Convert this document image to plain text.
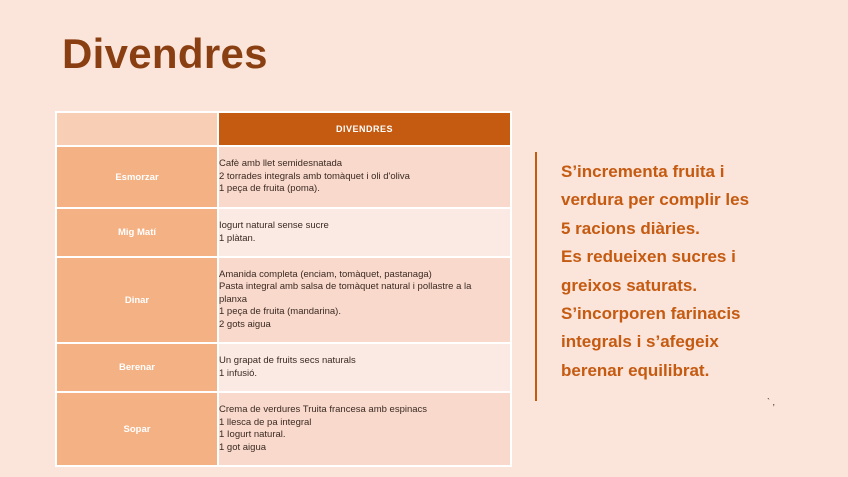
Divendres
	DIVENDRES
Esmorzar	Cafè amb llet semidesnatada
2 torrades integrals amb tomàquet i oli d'oliva
1 peça de fruita (poma).

Mig Matí	Iogurt natural sense sucre
1 plàtan.

Dinar	Amanida completa (enciam, tomàquet, pastanaga)
Pasta integral amb salsa de tomàquet natural i pollastre a la
planxa
1 peça de fruita (mandarina).
2 gots aigua

Berenar	Un grapat de fruits secs naturals
1 infusió.

Sopar	Crema de verdures Truita francesa amb espinacs
1 llesca de pa integral
1 Iogurt natural.
1 got aigua
S’incrementa fruita i
verdura per complir les
5 racions diàries.
Es redueixen sucres i
greixos saturats.
S’incorporen farinacis
integrals i s’afegeix
berenar equilibrat.
` ,
